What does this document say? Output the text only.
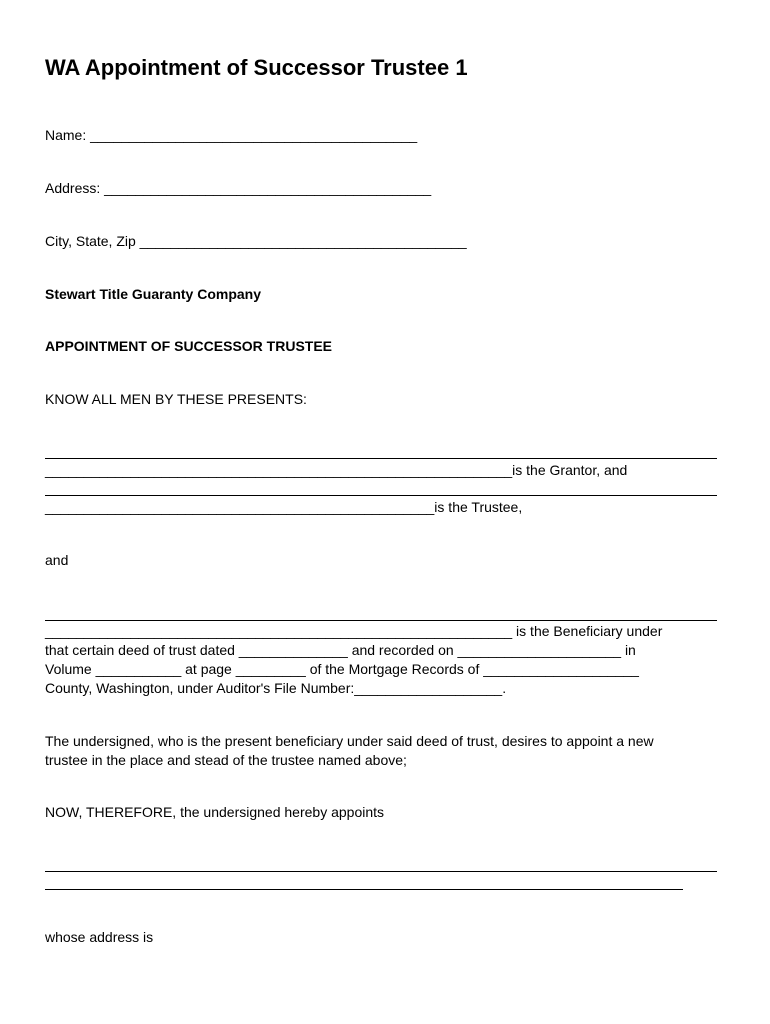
WA Appointment of Successor Trustee 1
Name: __________________________________________
Address: __________________________________________
City, State, Zip __________________________________________
Stewart Title Guaranty Company
APPOINTMENT OF SUCCESSOR TRUSTEE
KNOW ALL MEN BY THESE PRESENTS:
____________________________________________________________is the Grantor, and
__________________________________________________is the Trustee,
and
____________________________________________________________ is the Beneficiary under
that certain deed of trust dated ______________ and recorded on _____________________ in
Volume ___________ at page _________ of the Mortgage Records of ____________________
County, Washington, under Auditor's File Number:___________________.
The undersigned, who is the present beneficiary under said deed of trust, desires to appoint a new
trustee in the place and stead of the trustee named above;
NOW, THEREFORE, the undersigned hereby appoints
whose address is
